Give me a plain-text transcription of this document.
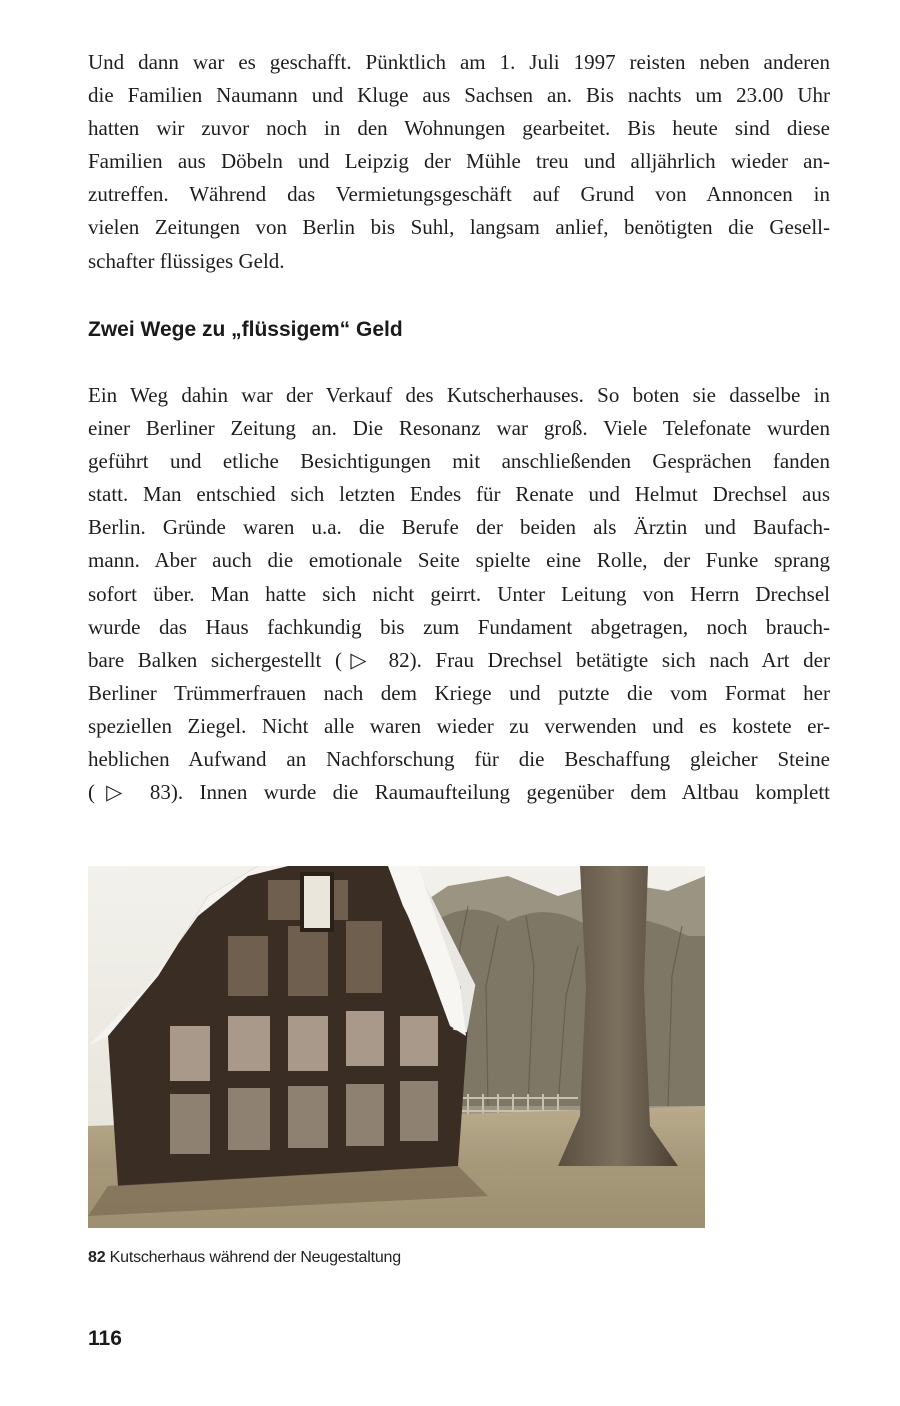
Und dann war es geschafft. Pünktlich am 1. Juli 1997 reisten neben anderen
die Familien Naumann und Kluge aus Sachsen an. Bis nachts um 23.00 Uhr
hatten wir zuvor noch in den Wohnungen gearbeitet. Bis heute sind diese
Familien aus Döbeln und Leipzig der Mühle treu und alljährlich wieder an-
zutreffen. Während das Vermietungsgeschäft auf Grund von Annoncen in
vielen Zeitungen von Berlin bis Suhl, langsam anlief, benötigten die Gesell-
schafter flüssiges Geld.
Zwei Wege zu „flüssigem“ Geld
Ein Weg dahin war der Verkauf des Kutscherhauses. So boten sie dasselbe in
einer Berliner Zeitung an. Die Resonanz war groß. Viele Telefonate wurden
geführt und etliche Besichtigungen mit anschließenden Gesprächen fanden
statt. Man entschied sich letzten Endes für Renate und Helmut Drechsel aus
Berlin. Gründe waren u.a. die Berufe der beiden als Ärztin und Baufach-
mann. Aber auch die emotionale Seite spielte eine Rolle, der Funke sprang
sofort über. Man hatte sich nicht geirrt. Unter Leitung von Herrn Drechsel
wurde das Haus fachkundig bis zum Fundament abgetragen, noch brauch-
bare Balken sichergestellt (▷ 82). Frau Drechsel betätigte sich nach Art der
Berliner Trümmerfrauen nach dem Kriege und putzte die vom Format her
speziellen Ziegel. Nicht alle waren wieder zu verwenden und es kostete er-
heblichen Aufwand an Nachforschung für die Beschaffung gleicher Steine
(▷ 83). Innen wurde die Raumaufteilung gegenüber dem Altbau komplett
82 Kutscherhaus während der Neugestaltung
116
